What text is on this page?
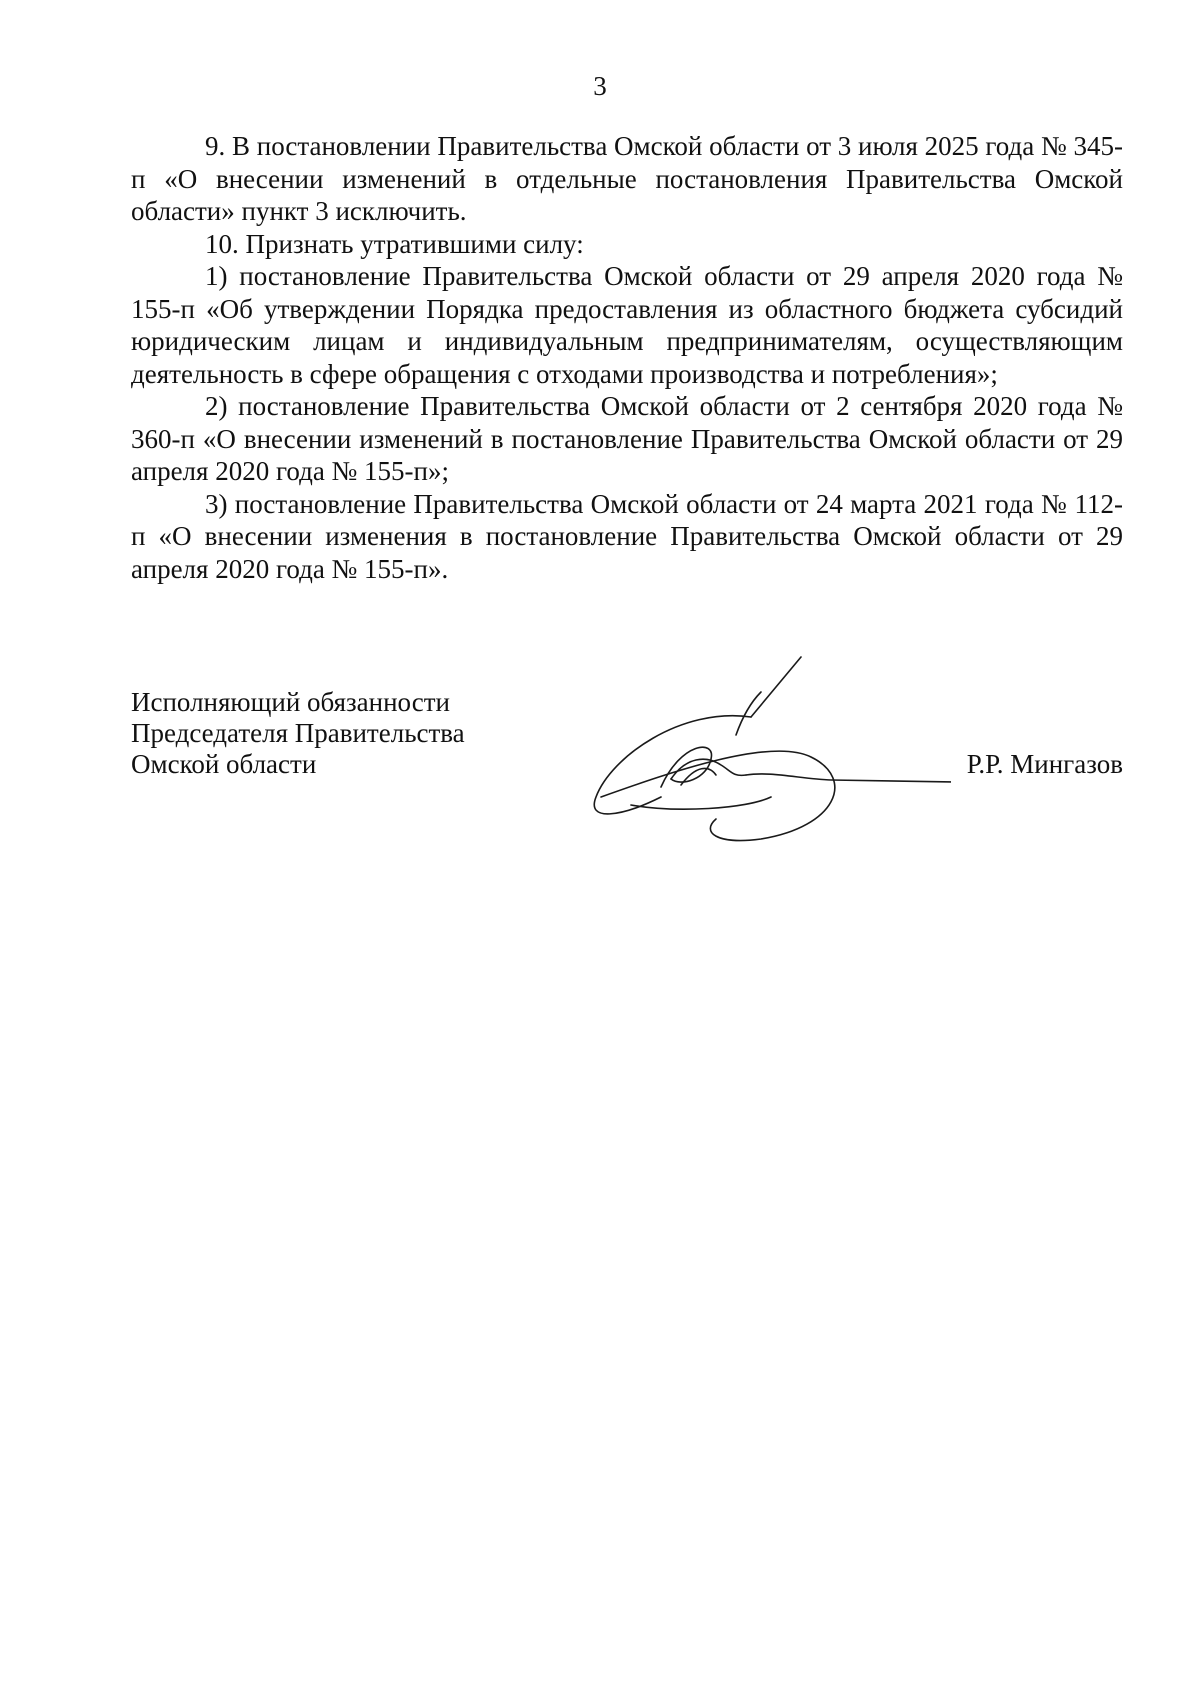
3

9. В постановлении Правительства Омской области от 3 июля 2025 года № 345-п «О внесении изменений в отдельные постановления Правительства Омской области» пункт 3 исключить.

10. Признать утратившими силу:

1) постановление Правительства Омской области от 29 апреля 2020 года № 155-п «Об утверждении Порядка предоставления из областного бюджета субсидий юридическим лицам и индивидуальным предпринимателям, осуществляющим деятельность в сфере обращения с отходами производства и потребления»;

2) постановление Правительства Омской области от 2 сентября 2020 года № 360-п «О внесении изменений в постановление Правительства Омской области от 29 апреля 2020 года № 155-п»;

3) постановление Правительства Омской области от 24 марта 2021 года № 112-п «О внесении изменения в постановление Правительства Омской области от 29 апреля 2020 года № 155-п».

Исполняющий обязанности
Председателя Правительства
Омской области	Р.Р. Мингазов
